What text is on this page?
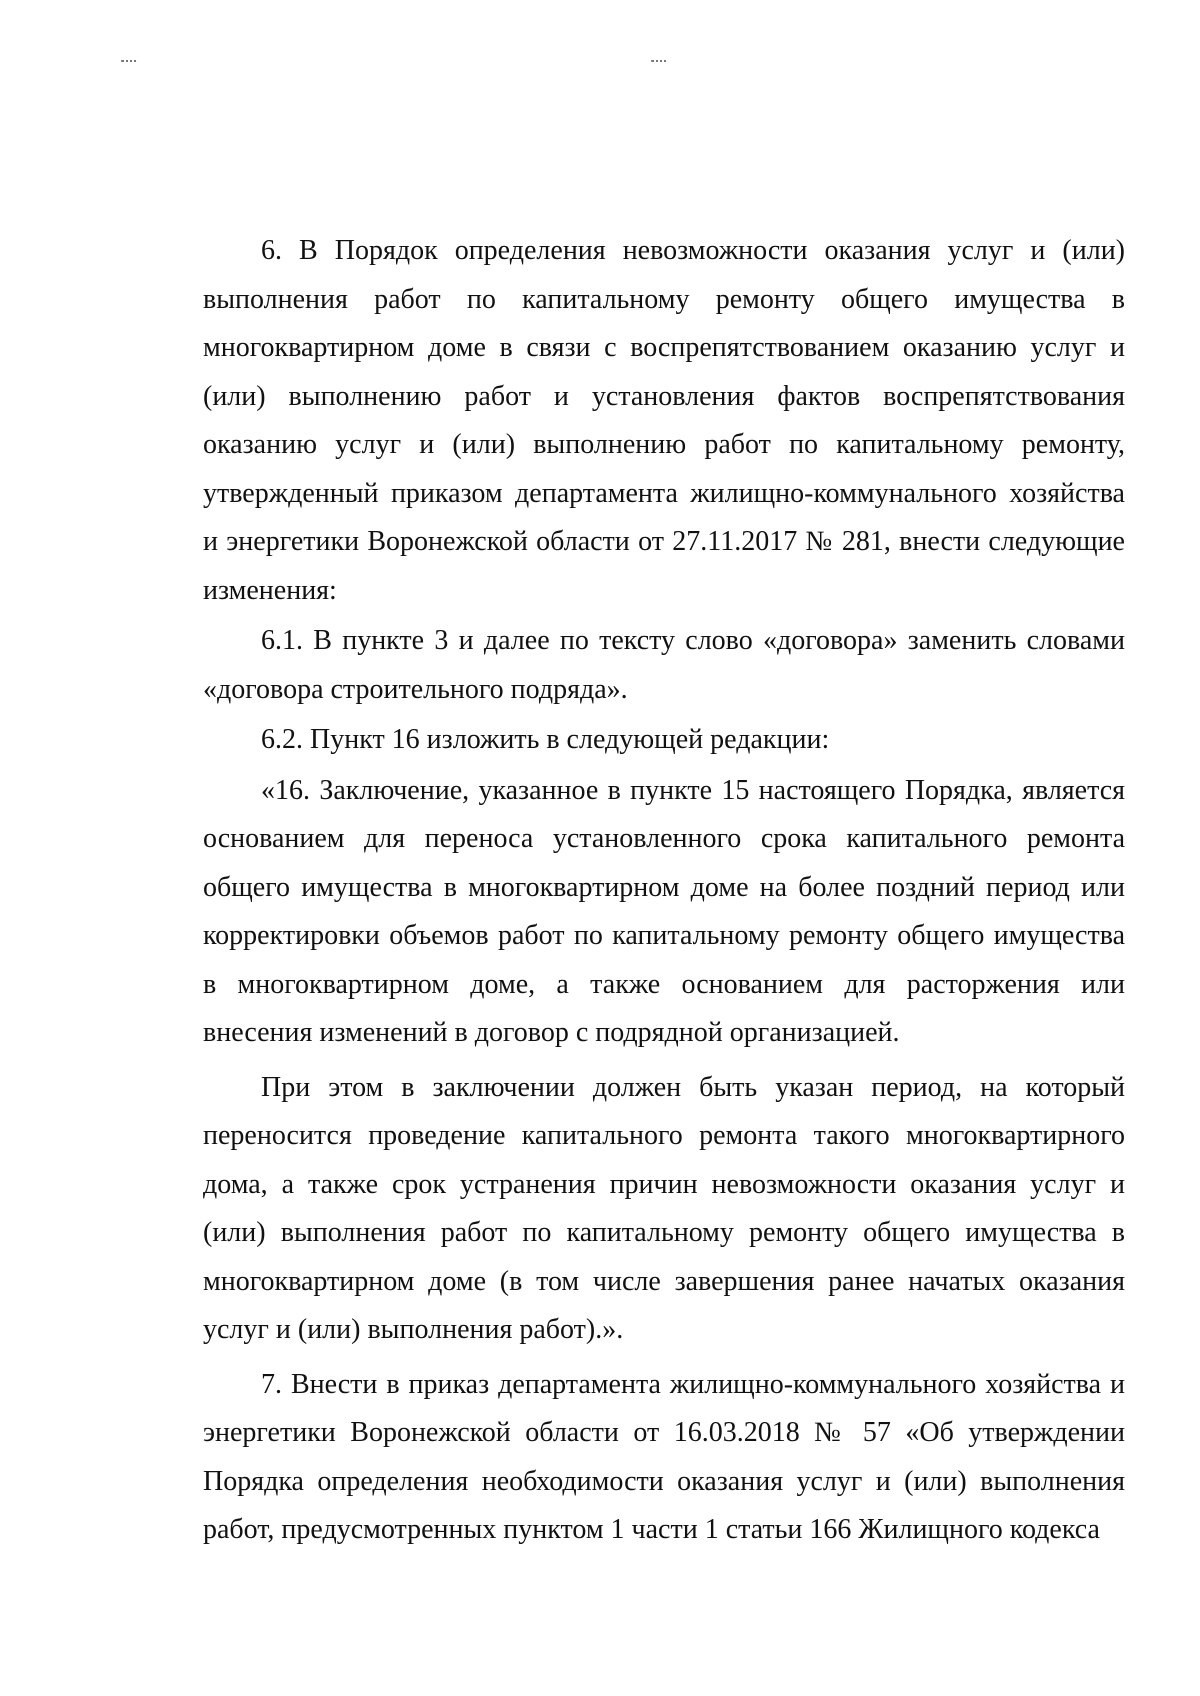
6. В Порядок определения невозможности оказания услуг и (или) выполнения работ по капитальному ремонту общего имущества в многоквартирном доме в связи с воспрепятствованием оказанию услуг и (или) выполнению работ и установления фактов воспрепятствования оказанию услуг и (или) выполнению работ по капитальному ремонту, утвержденный приказом департамента жилищно-коммунального хозяйства и энергетики Воронежской области от 27.11.2017 № 281, внести следующие изменения:

6.1. В пункте 3 и далее по тексту слово «договора» заменить словами «договора строительного подряда».

6.2. Пункт 16 изложить в следующей редакции:

«16. Заключение, указанное в пункте 15 настоящего Порядка, является основанием для переноса установленного срока капитального ремонта общего имущества в многоквартирном доме на более поздний период или корректировки объемов работ по капитальному ремонту общего имущества в многоквартирном доме, а также основанием для расторжения или внесения изменений в договор с подрядной организацией.

При этом в заключении должен быть указан период, на который переносится проведение капитального ремонта такого многоквартирного дома, а также срок устранения причин невозможности оказания услуг и (или) выполнения работ по капитальному ремонту общего имущества в многоквартирном доме (в том числе завершения ранее начатых оказания услуг и (или) выполнения работ).».

7. Внести в приказ департамента жилищно-коммунального хозяйства и энергетики Воронежской области от 16.03.2018 № 57 «Об утверждении Порядка определения необходимости оказания услуг и (или) выполнения работ, предусмотренных пунктом 1 части 1 статьи 166 Жилищного кодекса
